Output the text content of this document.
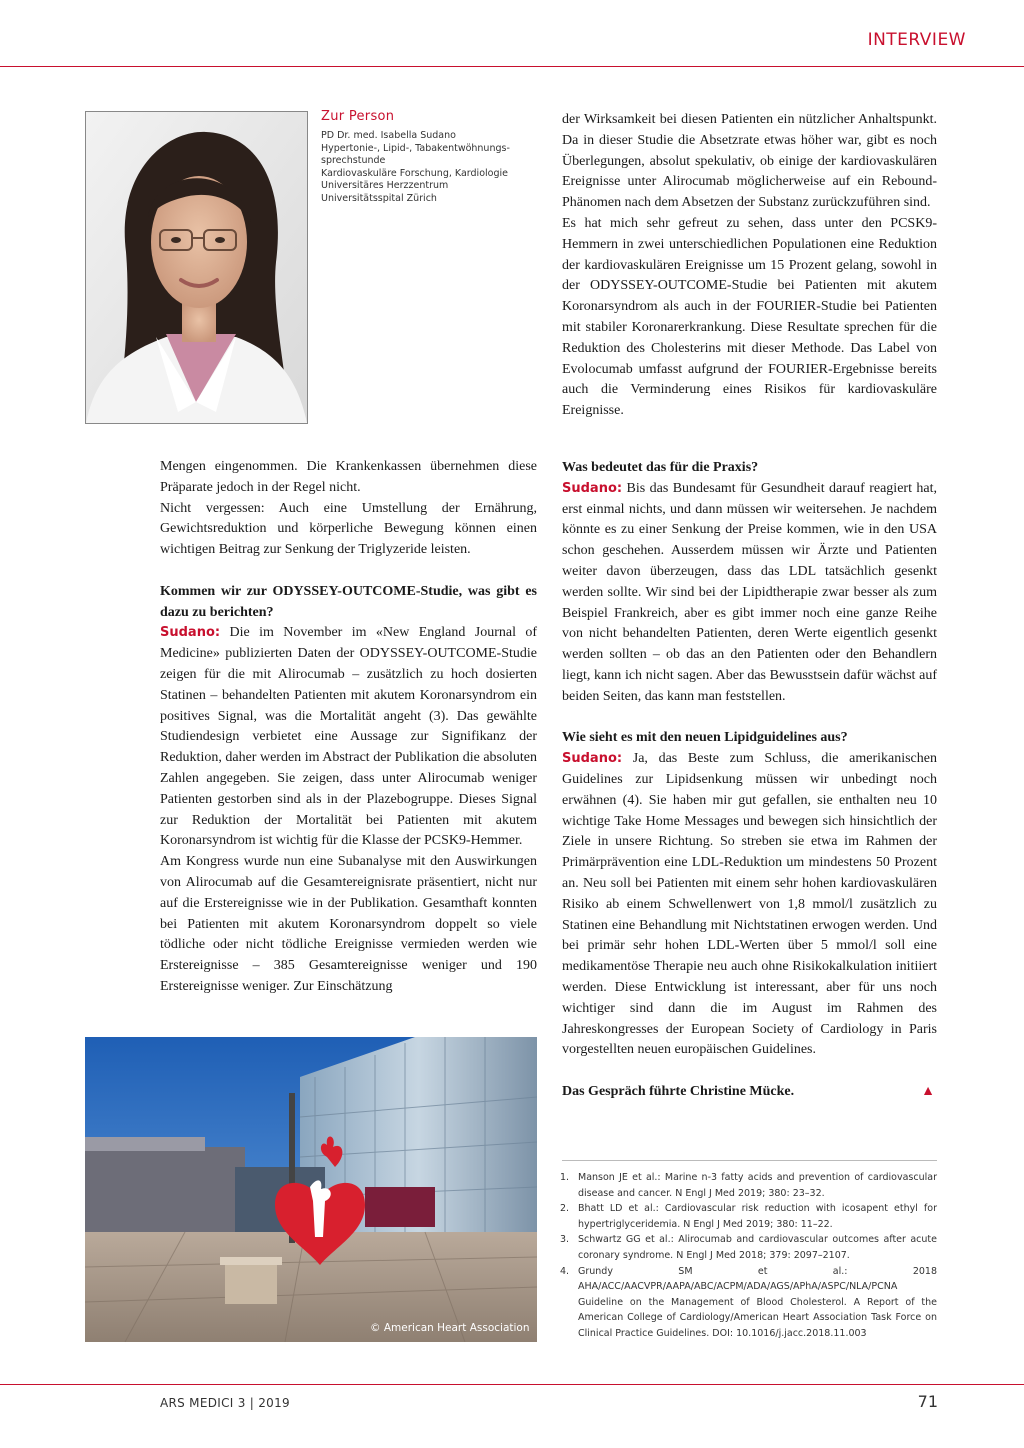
INTERVIEW
Zur Person
PD Dr. med. Isabella Sudano
Hypertonie-, Lipid-, Tabakentwöhnungs-
sprechstunde
Kardiovaskuläre Forschung, Kardiologie
Universitäres Herzzentrum
Universitätsspital Zürich

der Wirksamkeit bei diesen Patienten ein nützlicher Anhaltspunkt. Da in dieser Studie die Absetzrate etwas höher war, gibt es noch Überlegungen, absolut spekulativ, ob einige der kardiovaskulären Ereignisse unter Alirocumab möglicherweise auf ein Rebound-Phänomen nach dem Absetzen der Substanz zurückzuführen sind.

Es hat mich sehr gefreut zu sehen, dass unter den PCSK9-Hemmern in zwei unterschiedlichen Populationen eine Reduktion der kardiovaskulären Ereignisse um 15 Prozent gelang, sowohl in der ODYSSEY-OUTCOME-Studie bei Patienten mit akutem Koronarsyndrom als auch in der FOURIER-Studie bei Patienten mit stabiler Koronarerkrankung. Diese Resultate sprechen für die Reduktion des Cholesterins mit dieser Methode. Das Label von Evolocumab umfasst aufgrund der FOURIER-Ergebnisse bereits auch die Verminderung eines Risikos für kardiovaskuläre Ereignisse.

Mengen eingenommen. Die Krankenkassen übernehmen diese Präparate jedoch in der Regel nicht.

Nicht vergessen: Auch eine Umstellung der Ernährung, Gewichtsreduktion und körperliche Bewegung können einen wichtigen Beitrag zur Senkung der Triglyzeride leisten.

Kommen wir zur ODYSSEY-OUTCOME-Studie, was gibt es dazu zu berichten?

Sudano: Die im November im «New England Journal of Medicine» publizierten Daten der ODYSSEY-OUTCOME-Studie zeigen für die mit Alirocumab – zusätzlich zu hoch dosierten Statinen – behandelten Patienten mit akutem Koronarsyndrom ein positives Signal, was die Mortalität angeht (3). Das gewählte Studiendesign verbietet eine Aussage zur Signifikanz der Reduktion, daher werden im Abstract der Publikation die absoluten Zahlen angegeben. Sie zeigen, dass unter Alirocumab weniger Patienten gestorben sind als in der Plazebogruppe. Dieses Signal zur Reduktion der Mortalität bei Patienten mit akutem Koronarsyndrom ist wichtig für die Klasse der PCSK9-Hemmer.

Am Kongress wurde nun eine Subanalyse mit den Auswirkungen von Alirocumab auf die Gesamtereignisrate präsentiert, nicht nur auf die Erstereignisse wie in der Publikation. Gesamthaft konnten bei Patienten mit akutem Koronarsyndrom doppelt so viele tödliche oder nicht tödliche Ereignisse vermieden werden wie Erstereignisse – 385 Gesamtereignisse weniger und 190 Erstereignisse weniger. Zur Einschätzung

Was bedeutet das für die Praxis?

Sudano: Bis das Bundesamt für Gesundheit darauf reagiert hat, erst einmal nichts, und dann müssen wir weitersehen. Je nachdem könnte es zu einer Senkung der Preise kommen, wie in den USA schon geschehen. Ausserdem müssen wir Ärzte und Patienten weiter davon überzeugen, dass das LDL tatsächlich gesenkt werden sollte. Wir sind bei der Lipidtherapie zwar besser als zum Beispiel Frankreich, aber es gibt immer noch eine ganze Reihe von nicht behandelten Patienten, deren Werte eigentlich gesenkt werden sollten – ob das an den Patienten oder den Behandlern liegt, kann ich nicht sagen. Aber das Bewusstsein dafür wächst auf beiden Seiten, das kann man feststellen.

Wie sieht es mit den neuen Lipidguidelines aus?

Sudano: Ja, das Beste zum Schluss, die amerikanischen Guidelines zur Lipidsenkung müssen wir unbedingt noch erwähnen (4). Sie haben mir gut gefallen, sie enthalten neu 10 wichtige Take Home Messages und bewegen sich hinsichtlich der Ziele in unsere Richtung. So streben sie etwa im Rahmen der Primärprävention eine LDL-Reduktion um mindestens 50 Prozent an. Neu soll bei Patienten mit einem sehr hohen kardiovaskulären Risiko ab einem Schwellenwert von 1,8 mmol/l zusätzlich zu Statinen eine Behandlung mit Nichtstatinen erwogen werden. Und bei primär sehr hohen LDL-Werten über 5 mmol/l soll eine medikamentöse Therapie neu auch ohne Risikokalkulation initiiert werden. Diese Entwicklung ist interessant, aber für uns noch wichtiger sind dann die im August im Rahmen des Jahreskongresses der European Society of Cardiology in Paris vorgestellten neuen europäischen Guidelines.

Das Gespräch führte Christine Mücke.	▲

© American Heart Association
1. Manson JE et al.: Marine n-3 fatty acids and prevention of cardiovascular disease and cancer. N Engl J Med 2019; 380: 23–32.
2. Bhatt LD et al.: Cardiovascular risk reduction with icosapent ethyl for hypertriglyceridemia. N Engl J Med 2019; 380: 11–22.
3. Schwartz GG et al.: Alirocumab and cardiovascular outcomes after acute coronary syndrome. N Engl J Med 2018; 379: 2097–2107.
4. Grundy SM et al.: 2018 AHA/ACC/AACVPR/AAPA/ABC/ACPM/ADA/AGS/APhA/ASPC/NLA/PCNA Guideline on the Management of Blood Cholesterol. A Report of the American College of Cardiology/American Heart Association Task Force on Clinical Practice Guidelines. DOI: 10.1016/j.jacc.2018.11.003
ARS MEDICI 3 | 2019	71
